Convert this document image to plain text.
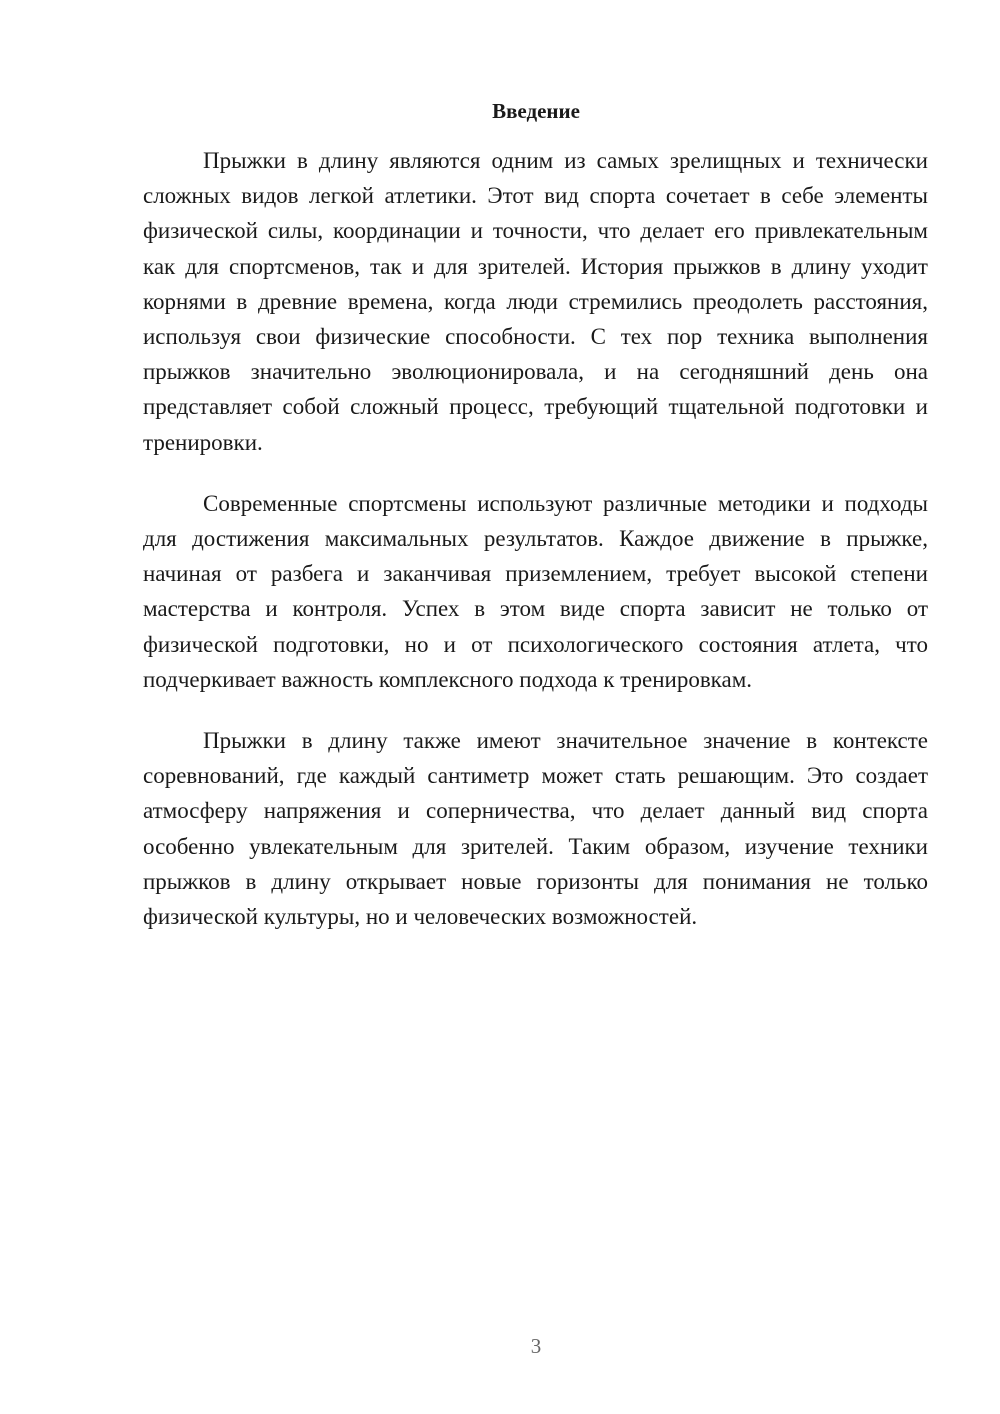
Введение

Прыжки в длину являются одним из самых зрелищных и технически сложных видов легкой атлетики. Этот вид спорта сочетает в себе элементы физической силы, координации и точности, что делает его привлекательным как для спортсменов, так и для зрителей. История прыжков в длину уходит корнями в древние времена, когда люди стремились преодолеть расстояния, используя свои физические способности. С тех пор техника выполнения прыжков значительно эволюционировала, и на сегодняшний день она представляет собой сложный процесс, требующий тщательной подготовки и тренировки.

Современные спортсмены используют различные методики и подходы для достижения максимальных результатов. Каждое движение в прыжке, начиная от разбега и заканчивая приземлением, требует высокой степени мастерства и контроля. Успех в этом виде спорта зависит не только от физической подготовки, но и от психологического состояния атлета, что подчеркивает важность комплексного подхода к тренировкам.

Прыжки в длину также имеют значительное значение в контексте соревнований, где каждый сантиметр может стать решающим. Это создает атмосферу напряжения и соперничества, что делает данный вид спорта особенно увлекательным для зрителей. Таким образом, изучение техники прыжков в длину открывает новые горизонты для понимания не только физической культуры, но и человеческих возможностей.

3
